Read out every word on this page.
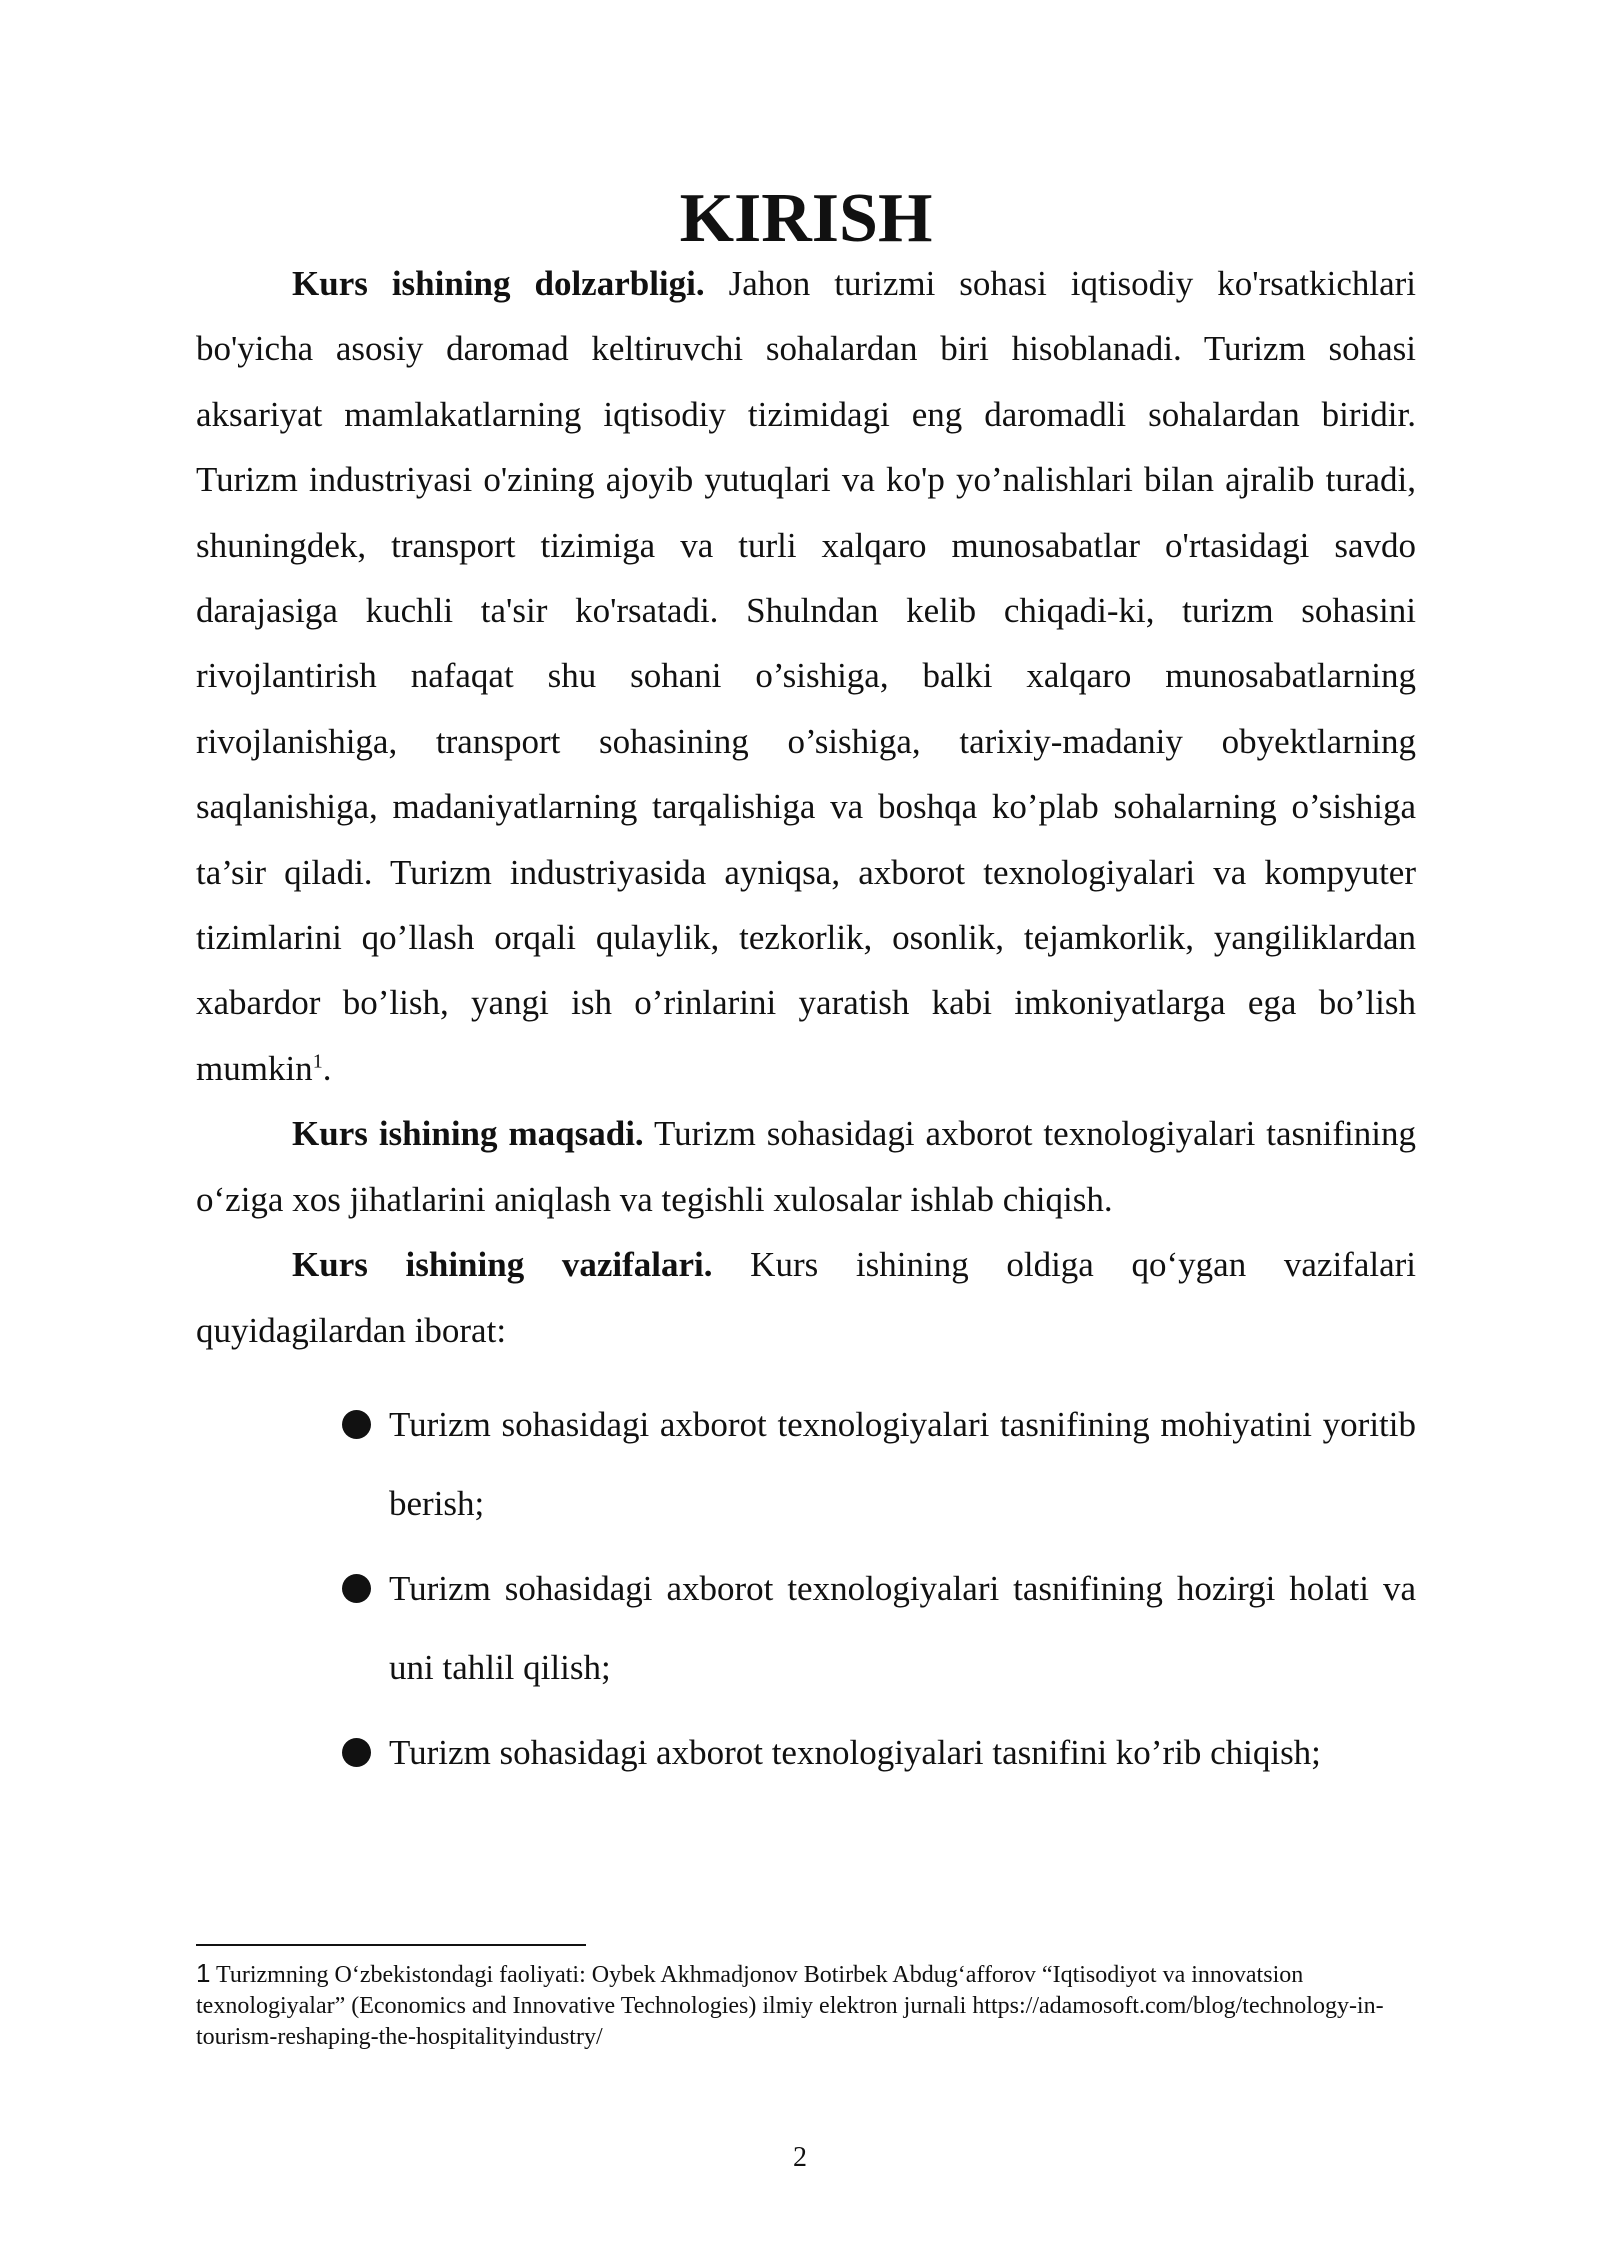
KIRISH

Kurs ishining dolzarbligi. Jahon turizmi sohasi iqtisodiy ko'rsatkichlari bo'yicha asosiy daromad keltiruvchi sohalardan biri hisoblanadi. Turizm sohasi aksariyat mamlakatlarning iqtisodiy tizimidagi eng daromadli sohalardan biridir. Turizm industriyasi o'zining ajoyib yutuqlari va ko'p yo’nalishlari bilan ajralib turadi, shuningdek, transport tizimiga va turli xalqaro munosabatlar o'rtasidagi savdo darajasiga kuchli ta'sir ko'rsatadi. Shulndan kelib chiqadi-ki, turizm sohasini rivojlantirish nafaqat shu sohani o’sishiga, balki xalqaro munosabatlarning rivojlanishiga, transport sohasining o’sishiga, tarixiy-madaniy obyektlarning saqlanishiga, madaniyatlarning tarqalishiga va boshqa ko’plab sohalarning o’sishiga ta’sir qiladi. Turizm industriyasida ayniqsa, axborot texnologiyalari va kompyuter tizimlarini qo’llash orqali qulaylik, tezkorlik, osonlik, tejamkorlik, yangiliklardan xabardor bo’lish, yangi ish o’rinlarini yaratish kabi imkoniyatlarga ega bo’lish mumkin$^1$.

Kurs ishining maqsadi. Turizm sohasidagi axborot texnologiyalari tasnifining o‘ziga xos jihatlarini aniqlash va tegishli xulosalar ishlab chiqish.

Kurs ishining vazifalari. Kurs ishining oldiga qo‘ygan vazifalari quyidagilardan iborat:

Turizm sohasidagi axborot texnologiyalari tasnifining mohiyatini yoritib berish;
Turizm sohasidagi axborot texnologiyalari tasnifining hozirgi holati va uni tahlil qilish;
Turizm sohasidagi axborot texnologiyalari tasnifini ko’rib chiqish;

1 Turizmning O‘zbekistondagi faoliyati: Oybek Akhmadjonov Botirbek Abdug‘afforov “Iqtisodiyot va innovatsion texnologiyalar” (Economics and Innovative Technologies) ilmiy elektron jurnali https://adamosoft.com/blog/technology-in-tourism-reshaping-the-hospitalityindustry/

2
